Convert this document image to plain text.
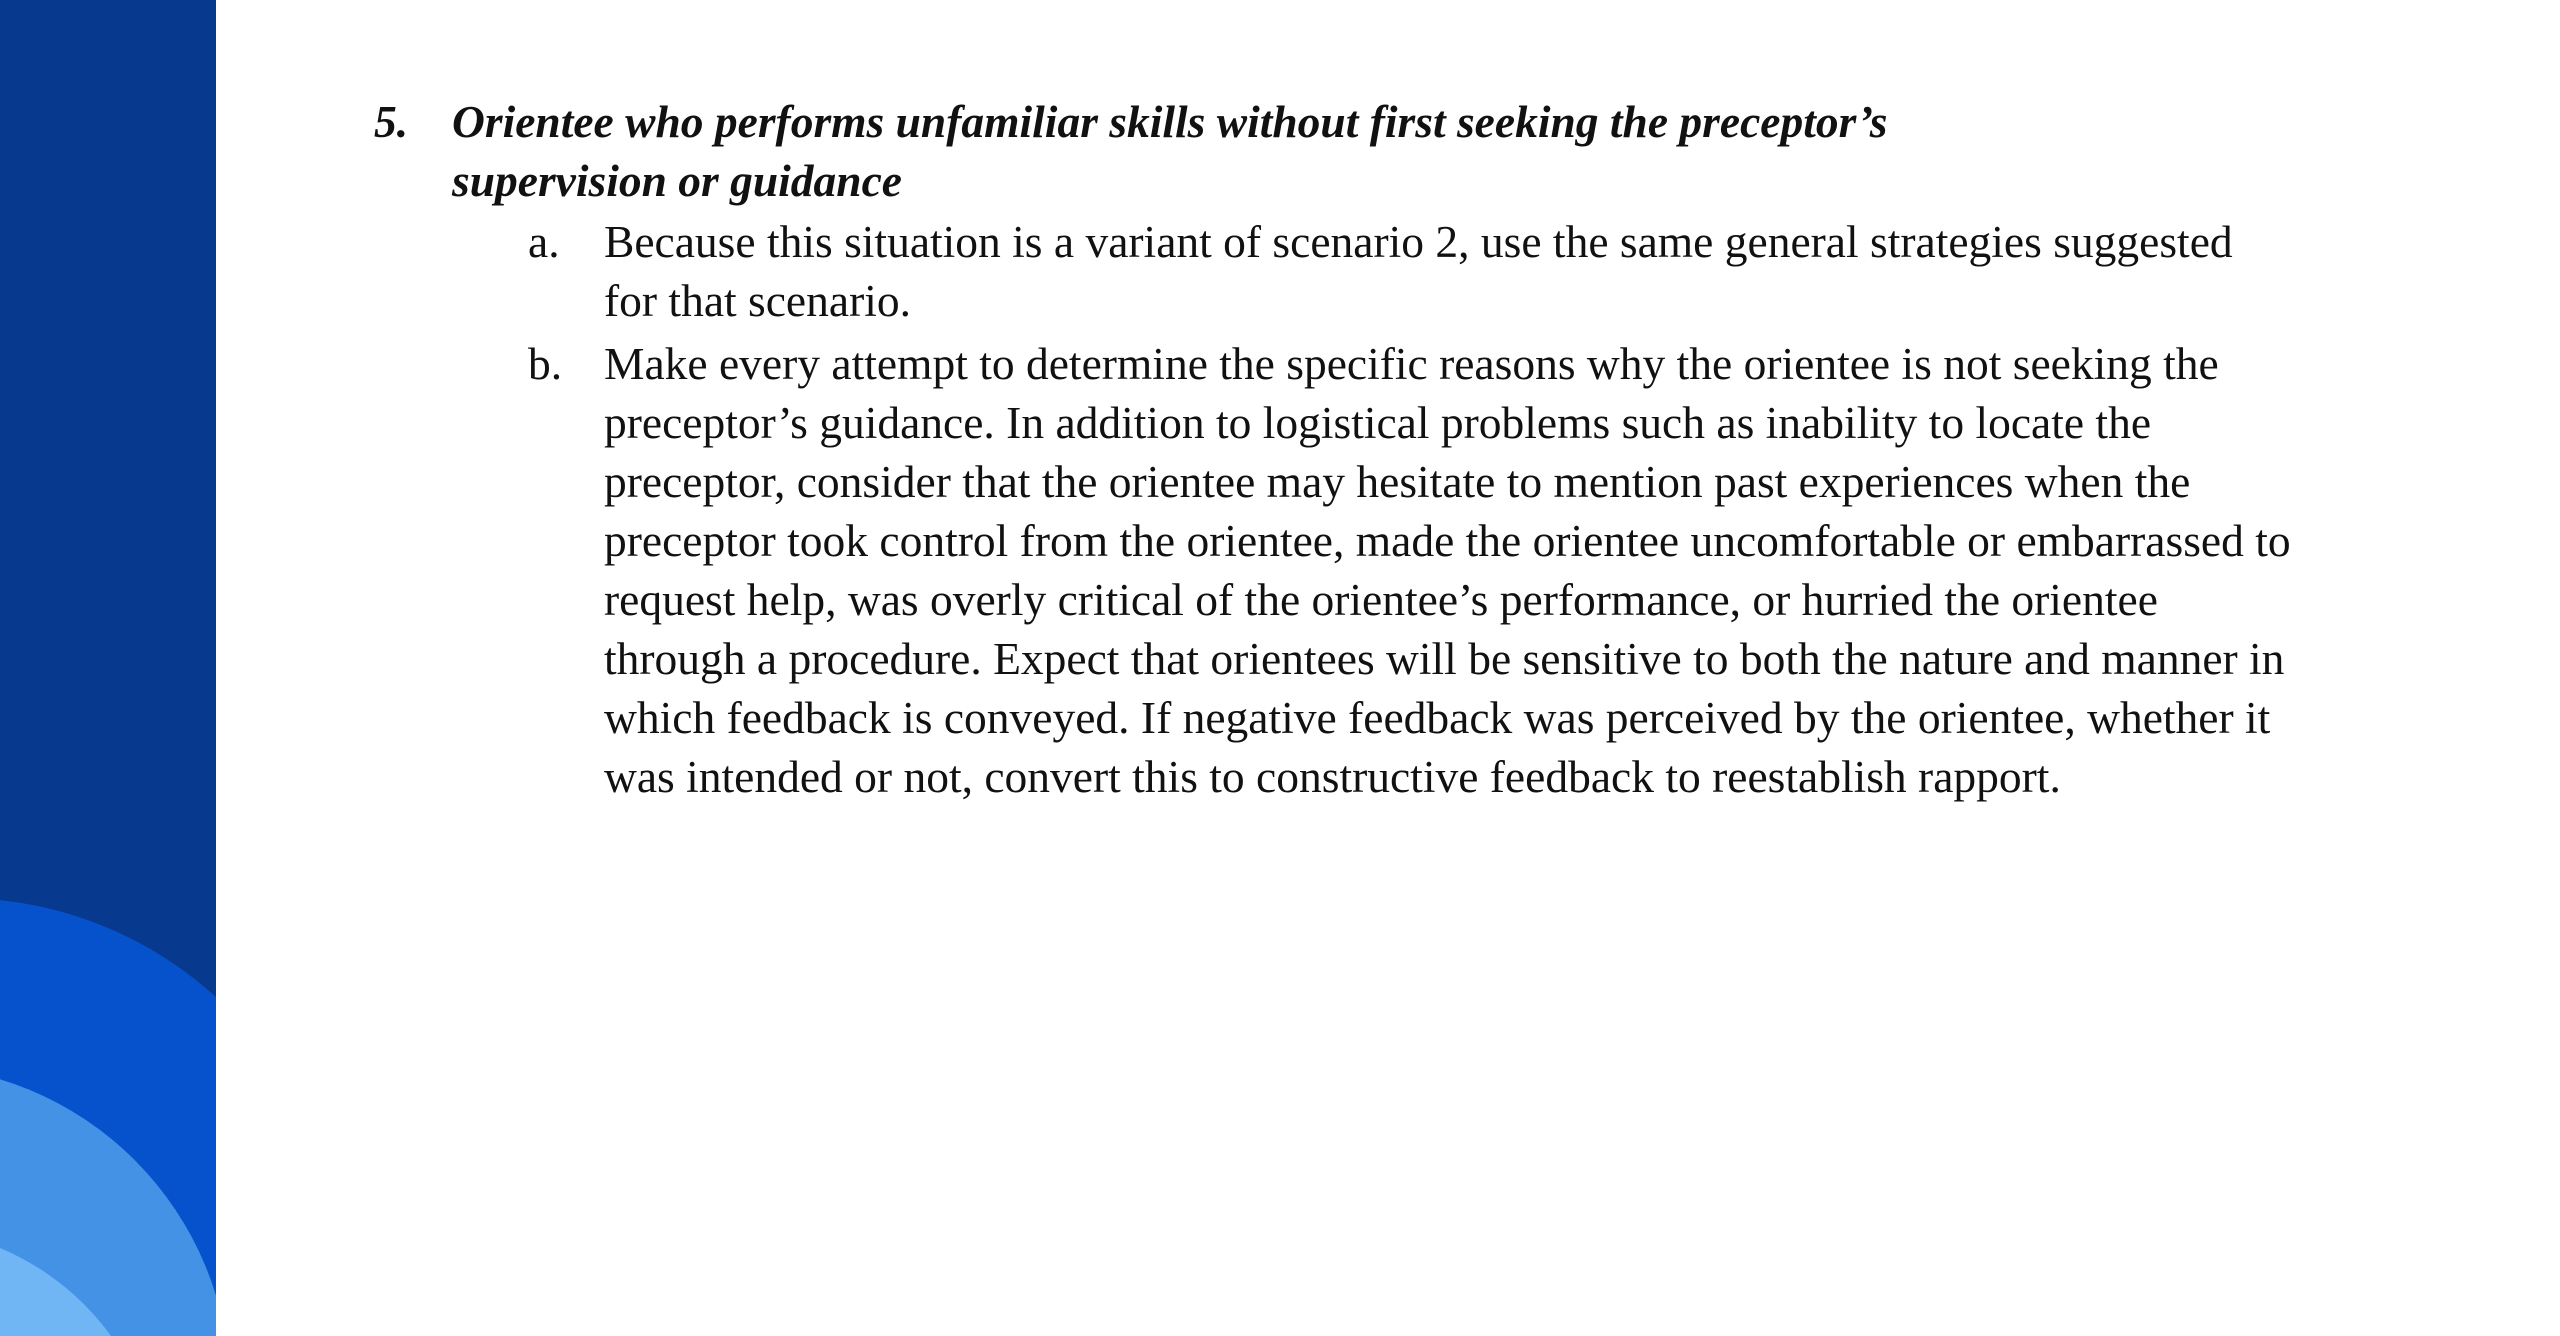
5. Orientee who performs unfamiliar skills without first seeking the preceptor’s supervision or guidance
a. Because this situation is a variant of scenario 2, use the same general strategies suggested for that scenario.
b. Make every attempt to determine the specific reasons why the orientee is not seeking the preceptor’s guidance. In addition to logistical problems such as inability to locate the preceptor, consider that the orientee may hesitate to mention past experiences when the preceptor took control from the orientee, made the orientee uncomfortable or embarrassed to request help, was overly critical of the orientee’s performance, or hurried the orientee through a procedure. Expect that orientees will be sensitive to both the nature and manner in which feedback is conveyed. If negative feedback was perceived by the orientee, whether it was intended or not, convert this to constructive feedback to reestablish rapport.
